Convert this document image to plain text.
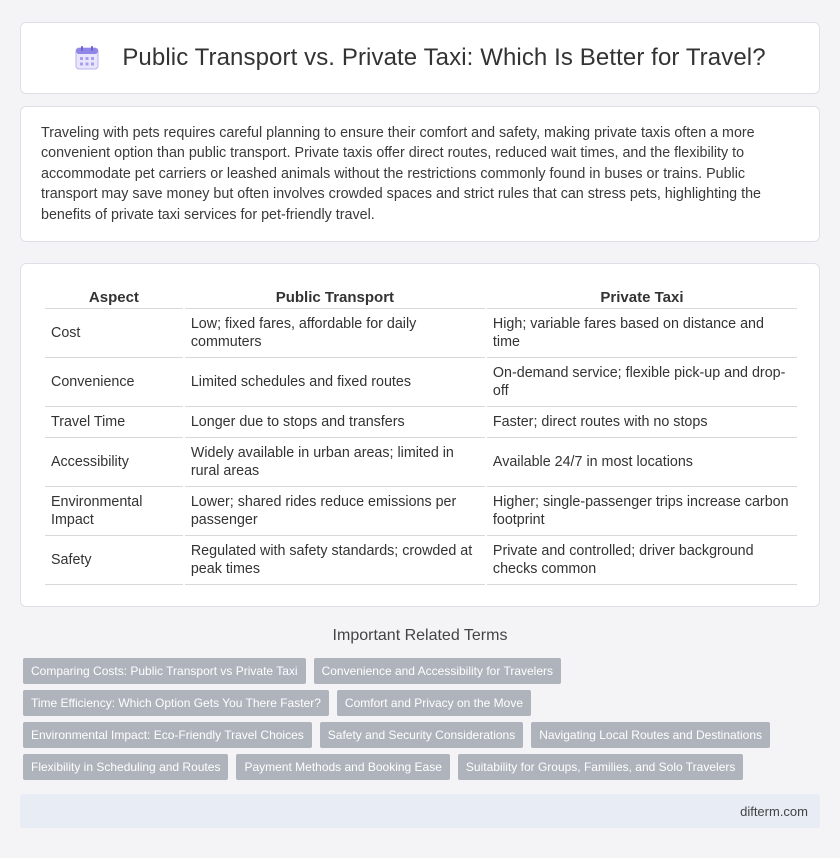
Public Transport vs. Private Taxi: Which Is Better for Travel?

Traveling with pets requires careful planning to ensure their comfort and safety, making private taxis often a more convenient option than public transport. Private taxis offer direct routes, reduced wait times, and the flexibility to accommodate pet carriers or leashed animals without the restrictions commonly found in buses or trains. Public transport may save money but often involves crowded spaces and strict rules that can stress pets, highlighting the benefits of private taxi services for pet-friendly travel.

Aspect	Public Transport	Private Taxi
Cost	Low; fixed fares, affordable for daily commuters	High; variable fares based on distance and time
Convenience	Limited schedules and fixed routes	On-demand service; flexible pick-up and drop-off
Travel Time	Longer due to stops and transfers	Faster; direct routes with no stops
Accessibility	Widely available in urban areas; limited in rural areas	Available 24/7 in most locations
Environmental Impact	Lower; shared rides reduce emissions per passenger	Higher; single-passenger trips increase carbon footprint
Safety	Regulated with safety standards; crowded at peak times	Private and controlled; driver background checks common
Important Related Terms
Comparing Costs: Public Transport vs Private Taxi	Convenience and Accessibility for Travelers
Time Efficiency: Which Option Gets You There Faster?	Comfort and Privacy on the Move
Environmental Impact: Eco-Friendly Travel Choices	Safety and Security Considerations	Navigating Local Routes and Destinations
Flexibility in Scheduling and Routes	Payment Methods and Booking Ease	Suitability for Groups, Families, and Solo Travelers
difterm.com
